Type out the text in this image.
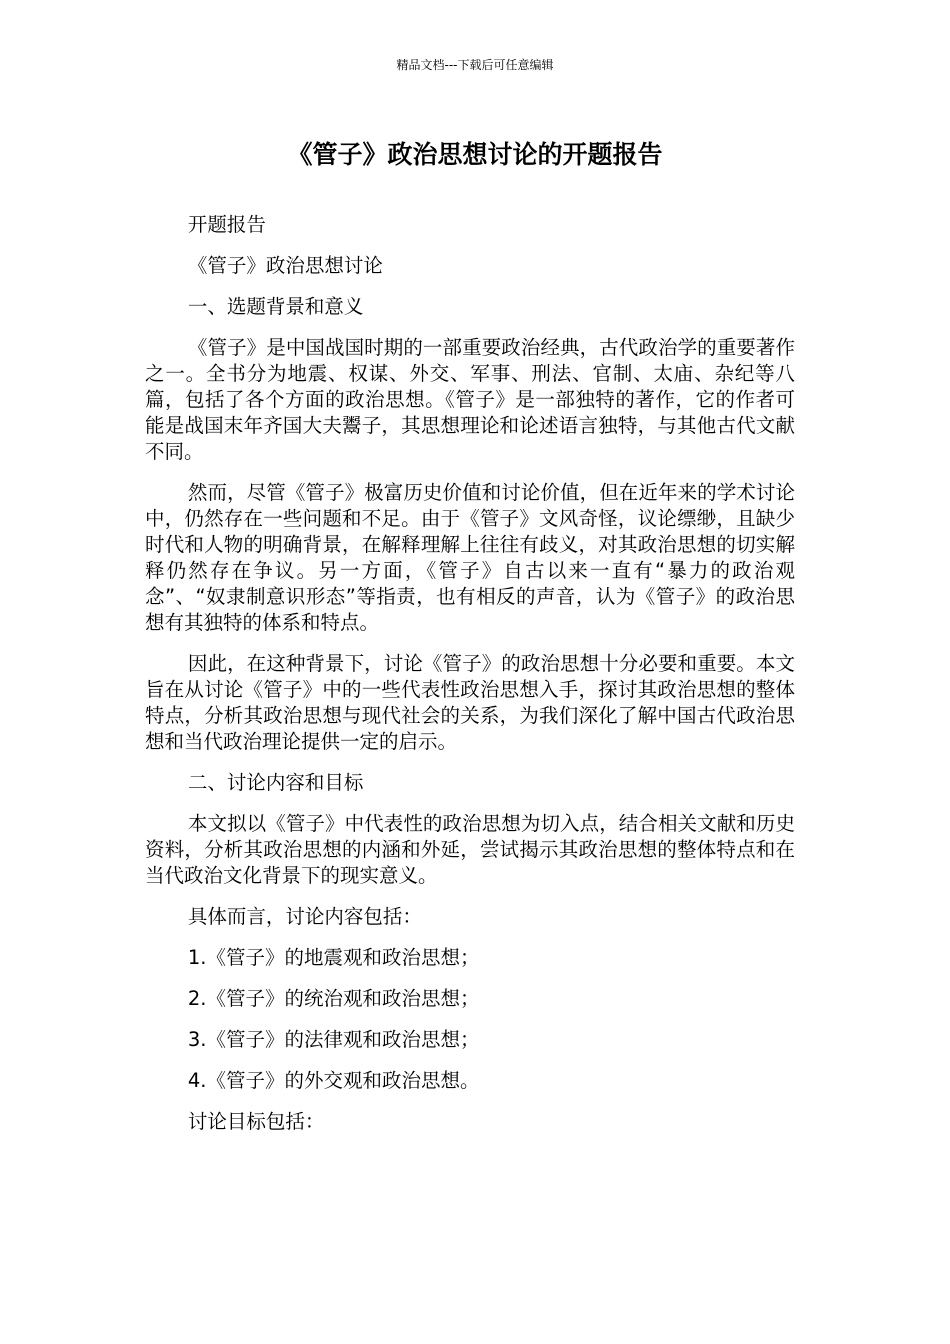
精品文档---下载后可任意编辑
《管子》政治思想讨论的开题报告

开题报告

《管子》政治思想讨论

一、选题背景和意义

《管子》是中国战国时期的一部重要政治经典，古代政治学的重要著作之一。全书分为地震、权谋、外交、军事、刑法、官制、太庙、杂纪等八篇，包括了各个方面的政治思想。《管子》是一部独特的著作，它的作者可能是战国末年齐国大夫鬻子，其思想理论和论述语言独特，与其他古代文献不同。

然而，尽管《管子》极富历史价值和讨论价值，但在近年来的学术讨论中，仍然存在一些问题和不足。由于《管子》文风奇怪，议论缥缈，且缺少时代和人物的明确背景，在解释理解上往往有歧义，对其政治思想的切实解释仍然存在争议。另一方面，《管子》自古以来一直有“暴力的政治观念”、“奴隶制意识形态”等指责，也有相反的声音，认为《管子》的政治思想有其独特的体系和特点。

因此，在这种背景下，讨论《管子》的政治思想十分必要和重要。本文旨在从讨论《管子》中的一些代表性政治思想入手，探讨其政治思想的整体特点，分析其政治思想与现代社会的关系，为我们深化了解中国古代政治思想和当代政治理论提供一定的启示。

二、讨论内容和目标

本文拟以《管子》中代表性的政治思想为切入点，结合相关文献和历史资料，分析其政治思想的内涵和外延，尝试揭示其政治思想的整体特点和在当代政治文化背景下的现实意义。

具体而言，讨论内容包括：

1.《管子》的地震观和政治思想；

2.《管子》的统治观和政治思想；

3.《管子》的法律观和政治思想；

4.《管子》的外交观和政治思想。

讨论目标包括：
